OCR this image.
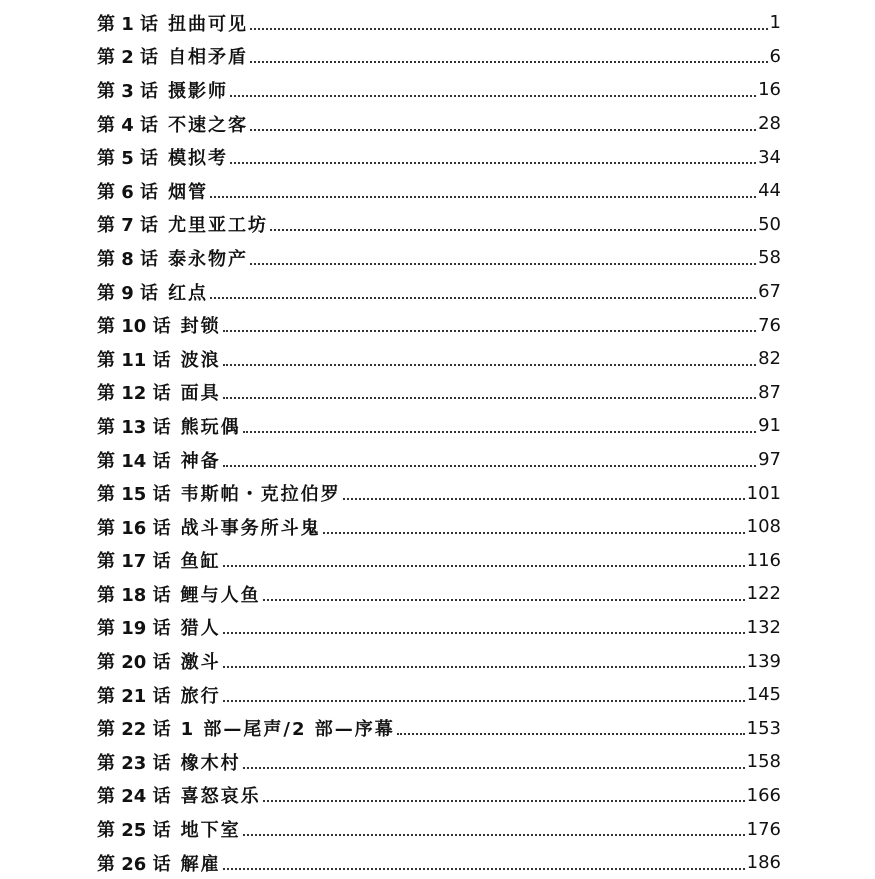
第 1 话 扭曲可见	1
第 2 话 自相矛盾	6
第 3 话 摄影师	16
第 4 话 不速之客	28
第 5 话 模拟考	34
第 6 话 烟管	44
第 7 话 尤里亚工坊	50
第 8 话 泰永物产	58
第 9 话 红点	67
第 10 话 封锁	76
第 11 话 波浪	82
第 12 话 面具	87
第 13 话 熊玩偶	91
第 14 话 神备	97
第 15 话 韦斯帕・克拉伯罗	101
第 16 话 战斗事务所斗鬼	108
第 17 话 鱼缸	116
第 18 话 鲤与人鱼	122
第 19 话 猎人	132
第 20 话 激斗	139
第 21 话 旅行	145
第 22 话 1 部—尾声/2 部—序幕	153
第 23 话 橡木村	158
第 24 话 喜怒哀乐	166
第 25 话 地下室	176
第 26 话 解雇	186
